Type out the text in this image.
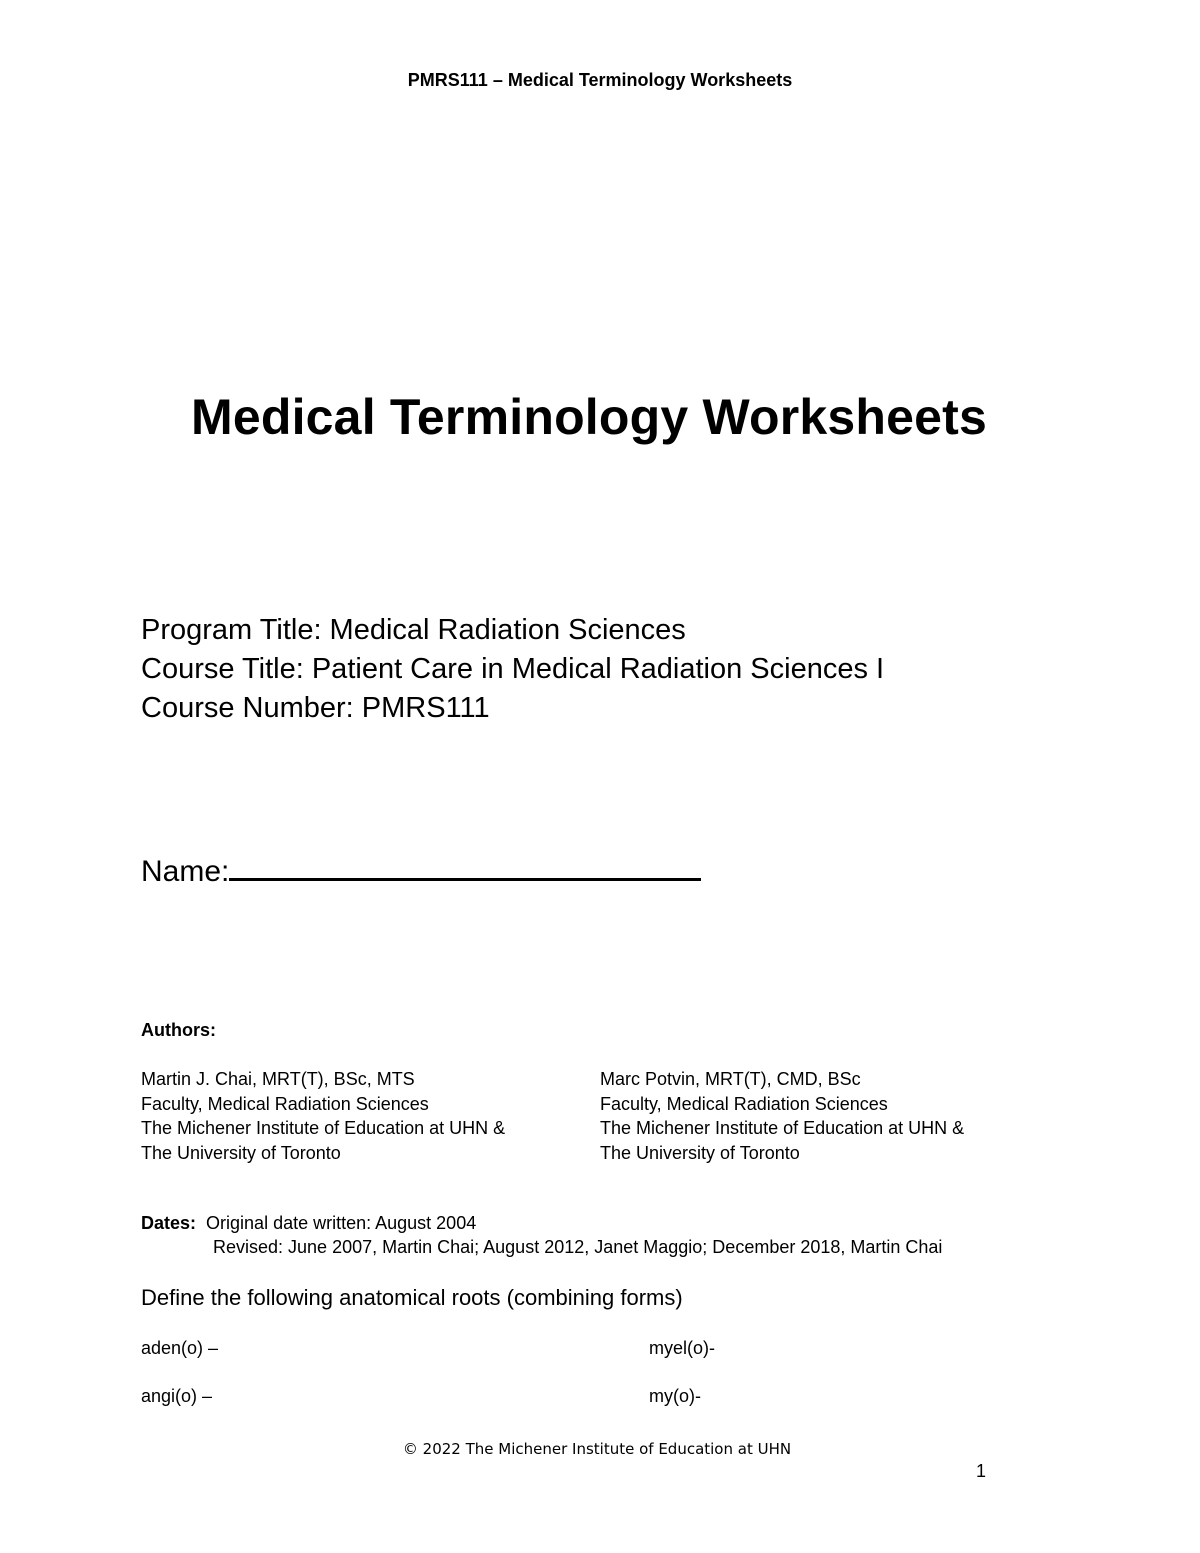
PMRS111 – Medical Terminology Worksheets
Medical Terminology Worksheets
Program Title: Medical Radiation Sciences
Course Title: Patient Care in Medical Radiation Sciences I
Course Number: PMRS111
Name:
Authors:
Martin J. Chai, MRT(T), BSc, MTS
Faculty, Medical Radiation Sciences
The Michener Institute of Education at UHN &
The University of Toronto
Marc Potvin, MRT(T), CMD, BSc
Faculty, Medical Radiation Sciences
The Michener Institute of Education at UHN &
The University of Toronto
Dates: Original date written: August 2004
Revised: June 2007, Martin Chai; August 2012, Janet Maggio; December 2018, Martin Chai
Define the following anatomical roots (combining forms)
aden(o) –	myel(o)-
angi(o) –	my(o)-
© 2022 The Michener Institute of Education at UHN
1
